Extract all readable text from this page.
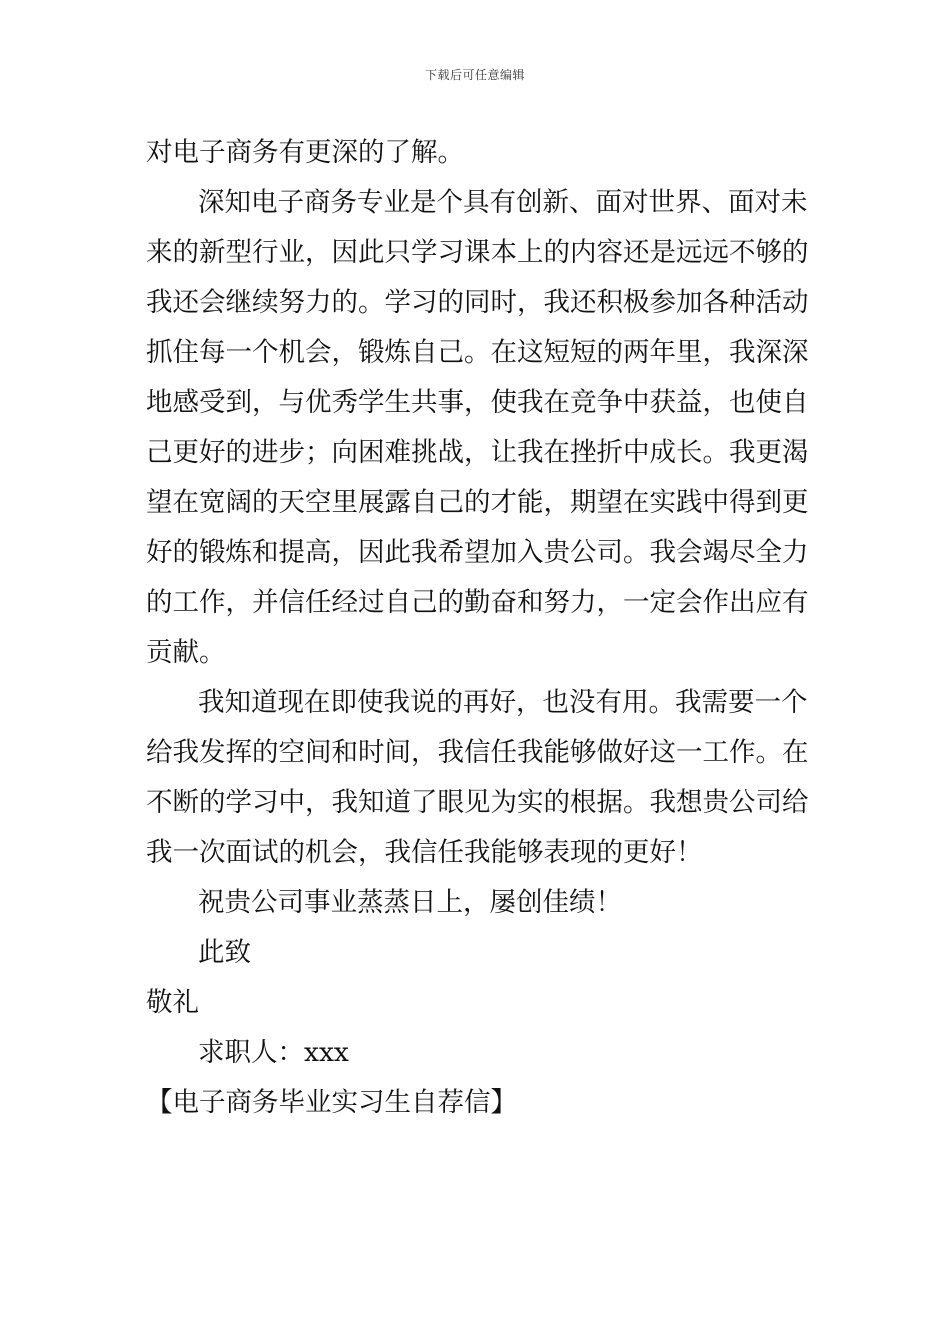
下载后可任意编辑
对电子商务有更深的了解。
深知电子商务专业是个具有创新、面对世界、面对未
来的新型行业，因此只学习课本上的内容还是远远不够的
我还会继续努力的。学习的同时，我还积极参加各种活动
抓住每一个机会，锻炼自己。在这短短的两年里，我深深
地感受到，与优秀学生共事，使我在竞争中获益，也使自
己更好的进步；向困难挑战，让我在挫折中成长。我更渴
望在宽阔的天空里展露自己的才能，期望在实践中得到更
好的锻炼和提高，因此我希望加入贵公司。我会竭尽全力
的工作，并信任经过自己的勤奋和努力，一定会作出应有
贡献。
我知道现在即使我说的再好，也没有用。我需要一个
给我发挥的空间和时间，我信任我能够做好这一工作。在
不断的学习中，我知道了眼见为实的根据。我想贵公司给
我一次面试的机会，我信任我能够表现的更好！
祝贵公司事业蒸蒸日上，屡创佳绩！
此致
敬礼
求职人：xxx
【电子商务毕业实习生自荐信】
